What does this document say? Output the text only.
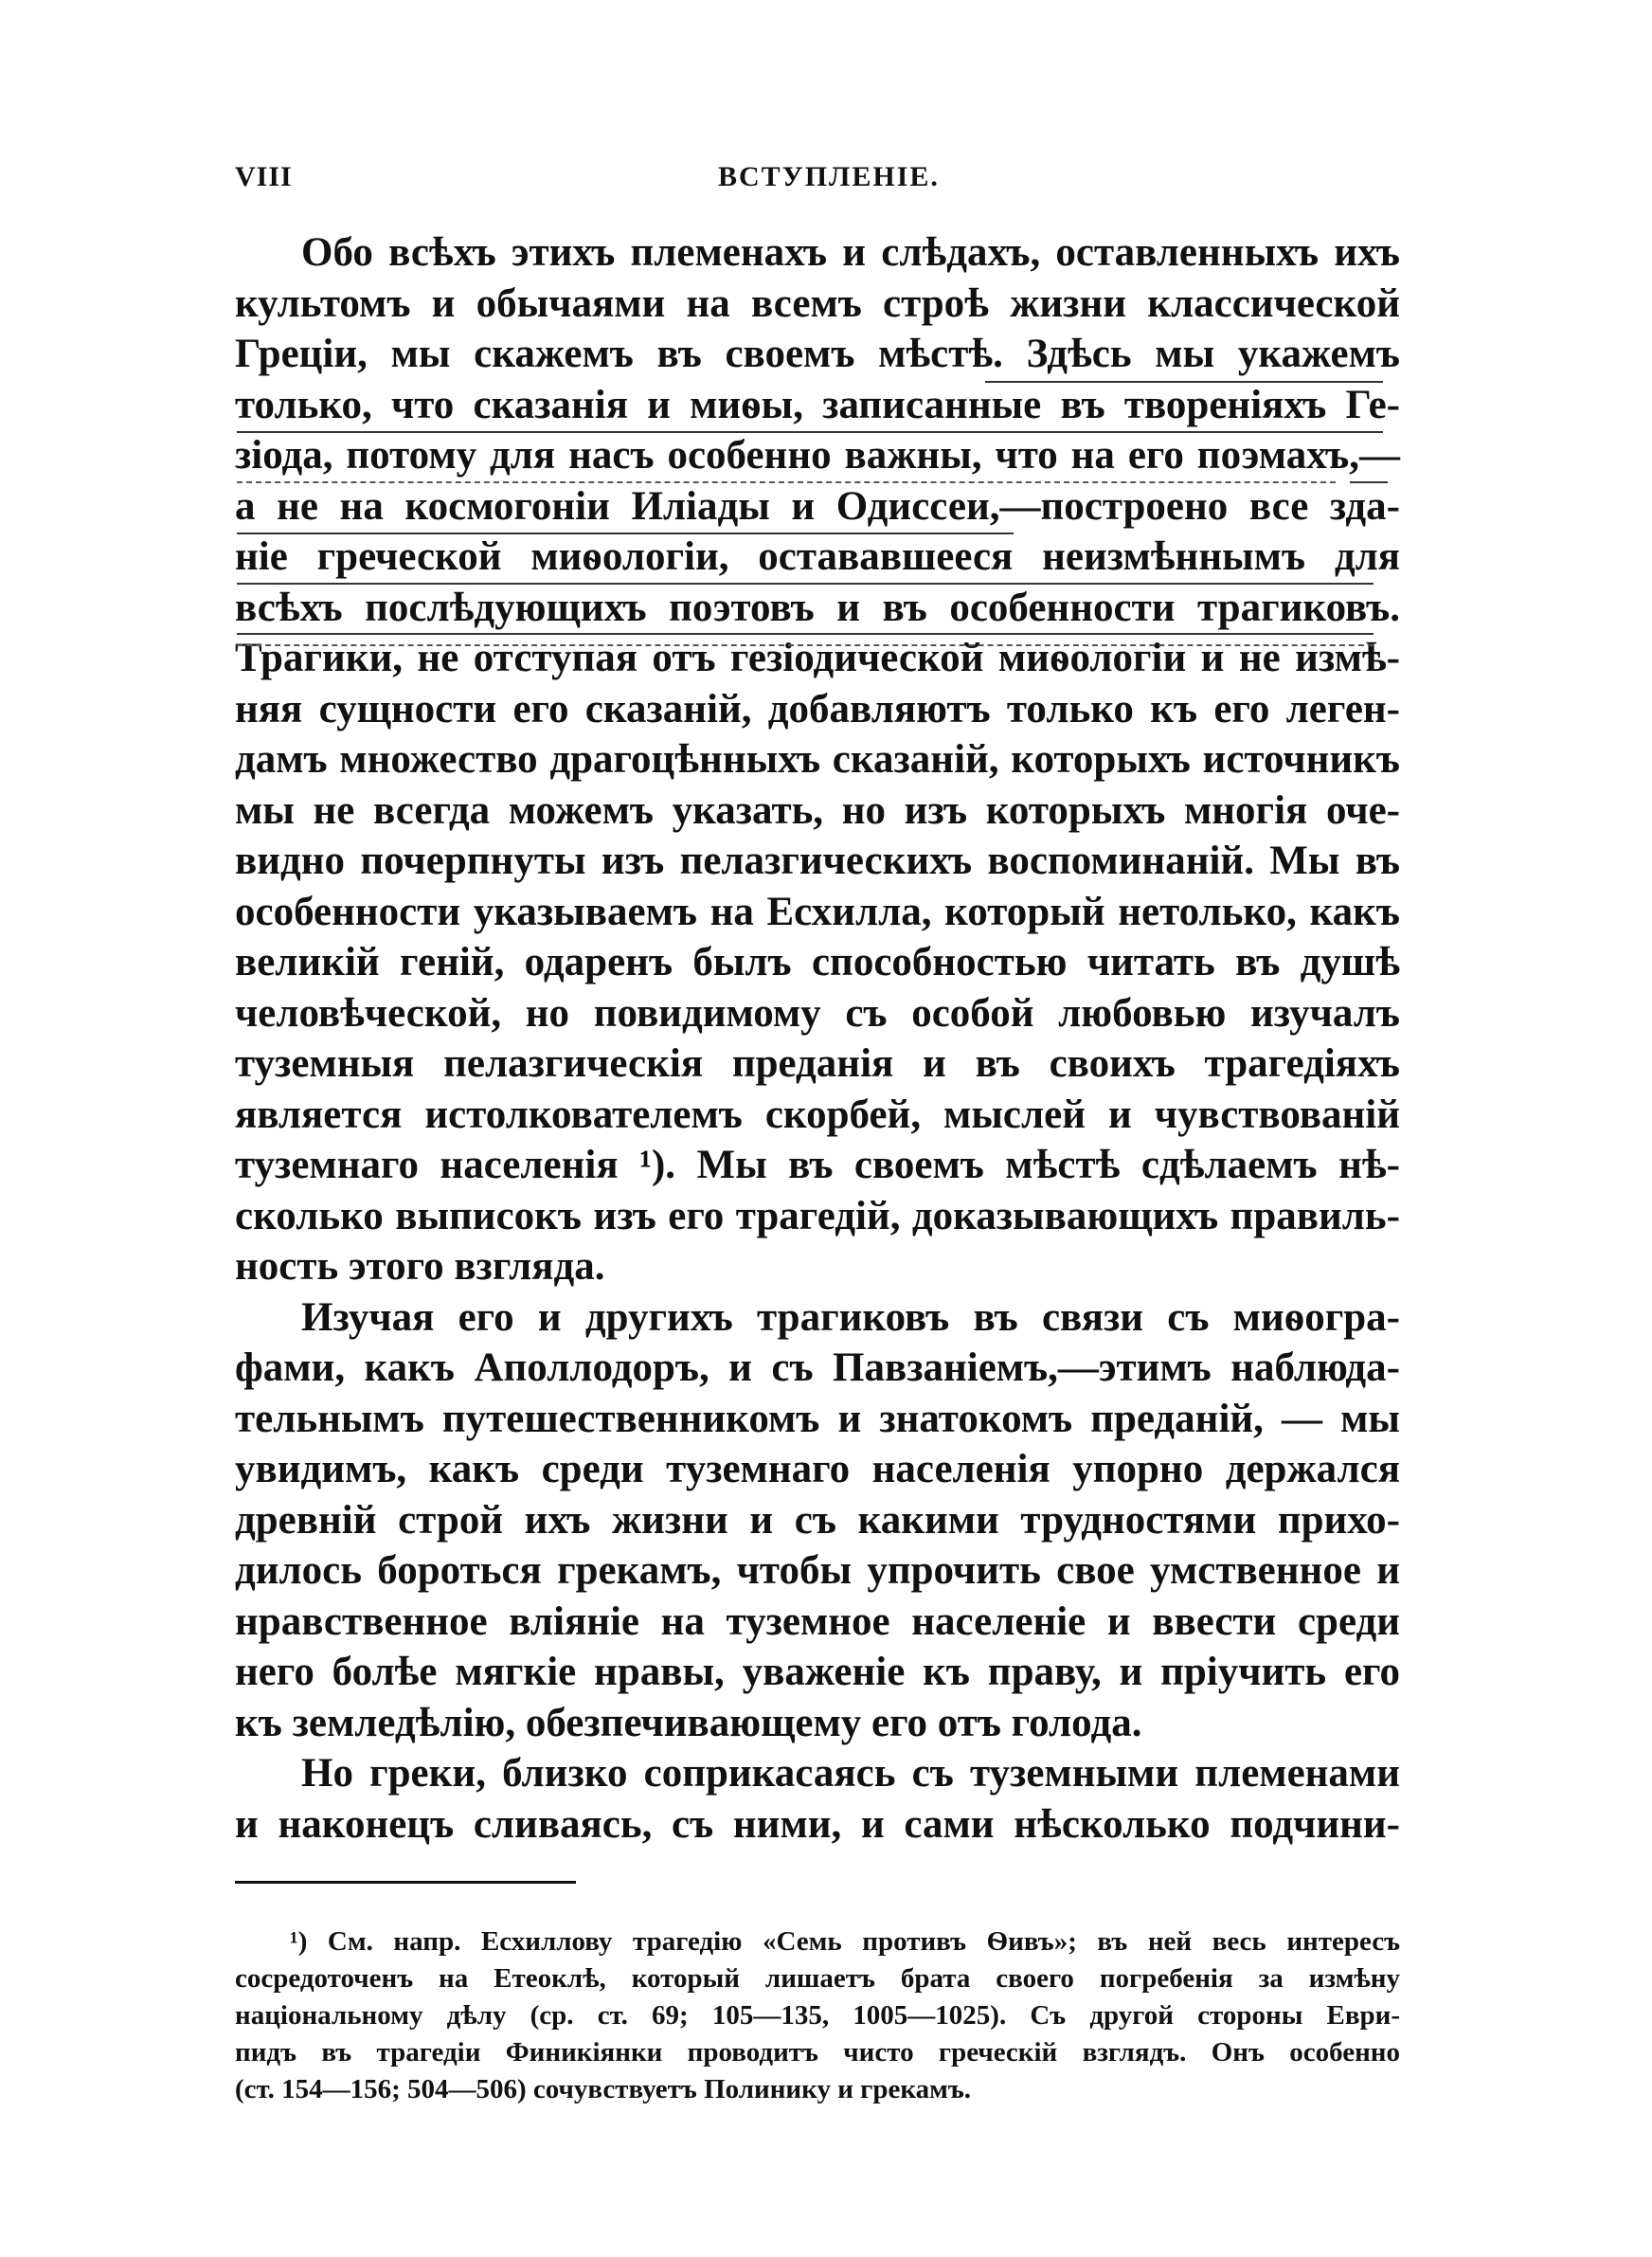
VIII	ВСТУПЛЕНІЕ.
Обо всѣхъ этихъ племенахъ и слѣдахъ, оставленныхъ ихъ
культомъ и обычаями на всемъ строѣ жизни классической
Греціи, мы скажемъ въ своемъ мѣстѣ. Здѣсь мы укажемъ
только, что сказанія и миѳы, записанные въ твореніяхъ Ге-
зіода, потому для насъ особенно важны, что на его поэмахъ,—
а не на космогоніи Илiады и Одиссеи,—построено все зда-
ніе греческой миѳологіи, остававшееся неизмѣннымъ для
всѣхъ послѣдующихъ поэтовъ и въ особенности трагиковъ.
Трагики, не отступая отъ гезіодической миѳологіи и не измѣ-
няя сущности его сказаній, добавляютъ только къ его леген-
дамъ множество драгоцѣнныхъ сказаній, которыхъ источникъ
мы не всегда можемъ указать, но изъ которыхъ многія оче-
видно почерпнуты изъ пелазгическихъ воспоминаній. Мы въ
особенности указываемъ на Есхилла, который нетолько, какъ
великій геній, одаренъ былъ способностью читать въ душѣ
человѣческой, но повидимому съ особой любовью изучалъ
туземныя пелазгическія преданія и въ своихъ трагедіяхъ
является истолкователемъ скорбей, мыслей и чувствованій
туземнаго населенія ¹). Мы въ своемъ мѣстѣ сдѣлаемъ нѣ-
сколько выписокъ изъ его трагедій, доказывающихъ правиль-
ность этого взгляда.
Изучая его и другихъ трагиковъ въ связи съ миѳогра-
фами, какъ Аполлодоръ, и съ Павзаніемъ,—этимъ наблюда-
тельнымъ путешественникомъ и знатокомъ преданій, — мы
увидимъ, какъ среди туземнаго населенія упорно держался
древній строй ихъ жизни и съ какими трудностями прихо-
дилось бороться грекамъ, чтобы упрочить свое умственное и
нравственное вліяніе на туземное населеніе и ввести среди
него болѣе мягкіе нравы, уваженіе къ праву, и пріучить его
къ земледѣлію, обезпечивающему его отъ голода.
Но греки, близко соприкасаясь съ туземными племенами
и наконецъ сливаясь, съ ними, и сами нѣсколько подчини-
¹) См. напр. Есхиллову трагедію «Семь противъ Ѳивъ»; въ ней весь интересъ
сосредоточенъ на Етеоклѣ, который лишаетъ брата своего погребенія за измѣну
національному дѣлу (ср. ст. 69; 105—135, 1005—1025). Съ другой стороны Еври-
пидъ въ трагедіи Финикіянки проводитъ чисто греческій взглядъ. Онъ особенно
(ст. 154—156; 504—506) сочувствуетъ Полинику и грекамъ.
